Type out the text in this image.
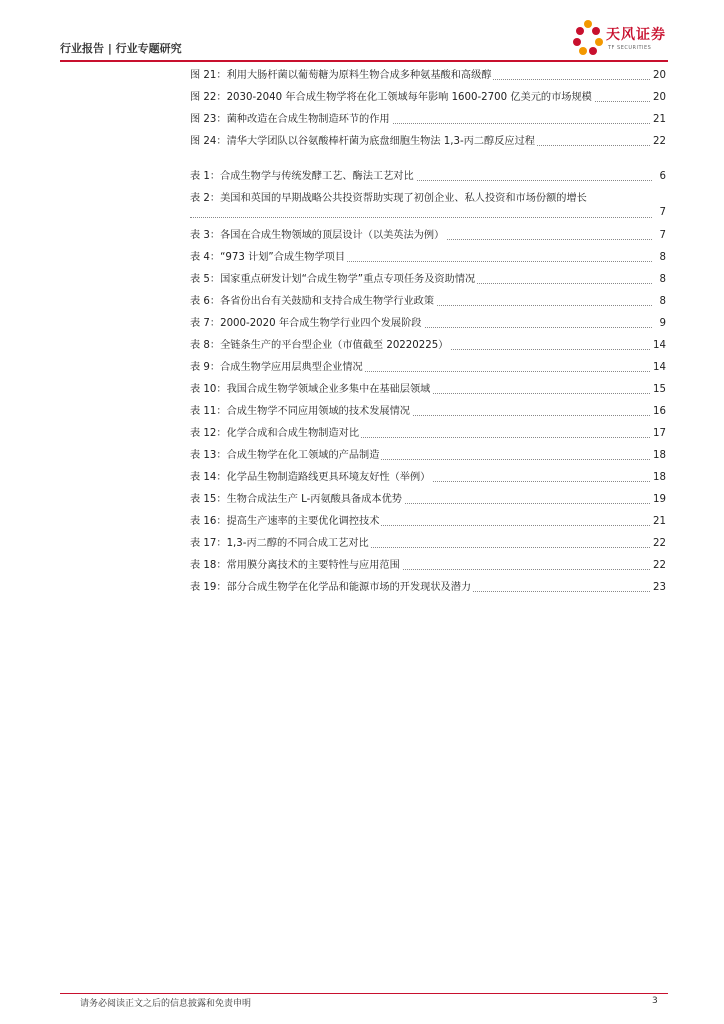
行业报告 | 行业专题研究
天风证券
TF SECURITIES
图 21：利用大肠杆菌以葡萄糖为原料生物合成多种氨基酸和高级醇	20
图 22：2030-2040 年合成生物学将在化工领域每年影响 1600-2700 亿美元的市场规模	20
图 23：菌种改造在合成生物制造环节的作用	21
图 24：清华大学团队以谷氨酸棒杆菌为底盘细胞生物法 1,3-丙二醇反应过程	22
表 1：合成生物学与传统发酵工艺、酶法工艺对比	6
表 2：美国和英国的早期战略公共投资帮助实现了初创企业、私人投资和市场份额的增长
7
表 3：各国在合成生物领域的顶层设计（以美英法为例）	7
表 4：“973 计划”合成生物学项目	8
表 5：国家重点研发计划“合成生物学”重点专项任务及资助情况	8
表 6：各省份出台有关鼓励和支持合成生物学行业政策	8
表 7：2000-2020 年合成生物学行业四个发展阶段	9
表 8：全链条生产的平台型企业（市值截至 20220225）	14
表 9：合成生物学应用层典型企业情况	14
表 10：我国合成生物学领域企业多集中在基础层领域	15
表 11：合成生物学不同应用领域的技术发展情况	16
表 12：化学合成和合成生物制造对比	17
表 13：合成生物学在化工领域的产品制造	18
表 14：化学品生物制造路线更具环境友好性（举例）	18
表 15：生物合成法生产 L-丙氨酸具备成本优势	19
表 16：提高生产速率的主要优化调控技术	21
表 17：1,3-丙二醇的不同合成工艺对比	22
表 18：常用膜分离技术的主要特性与应用范围	22
表 19：部分合成生物学在化学品和能源市场的开发现状及潜力	23
请务必阅读正文之后的信息披露和免责申明	3
